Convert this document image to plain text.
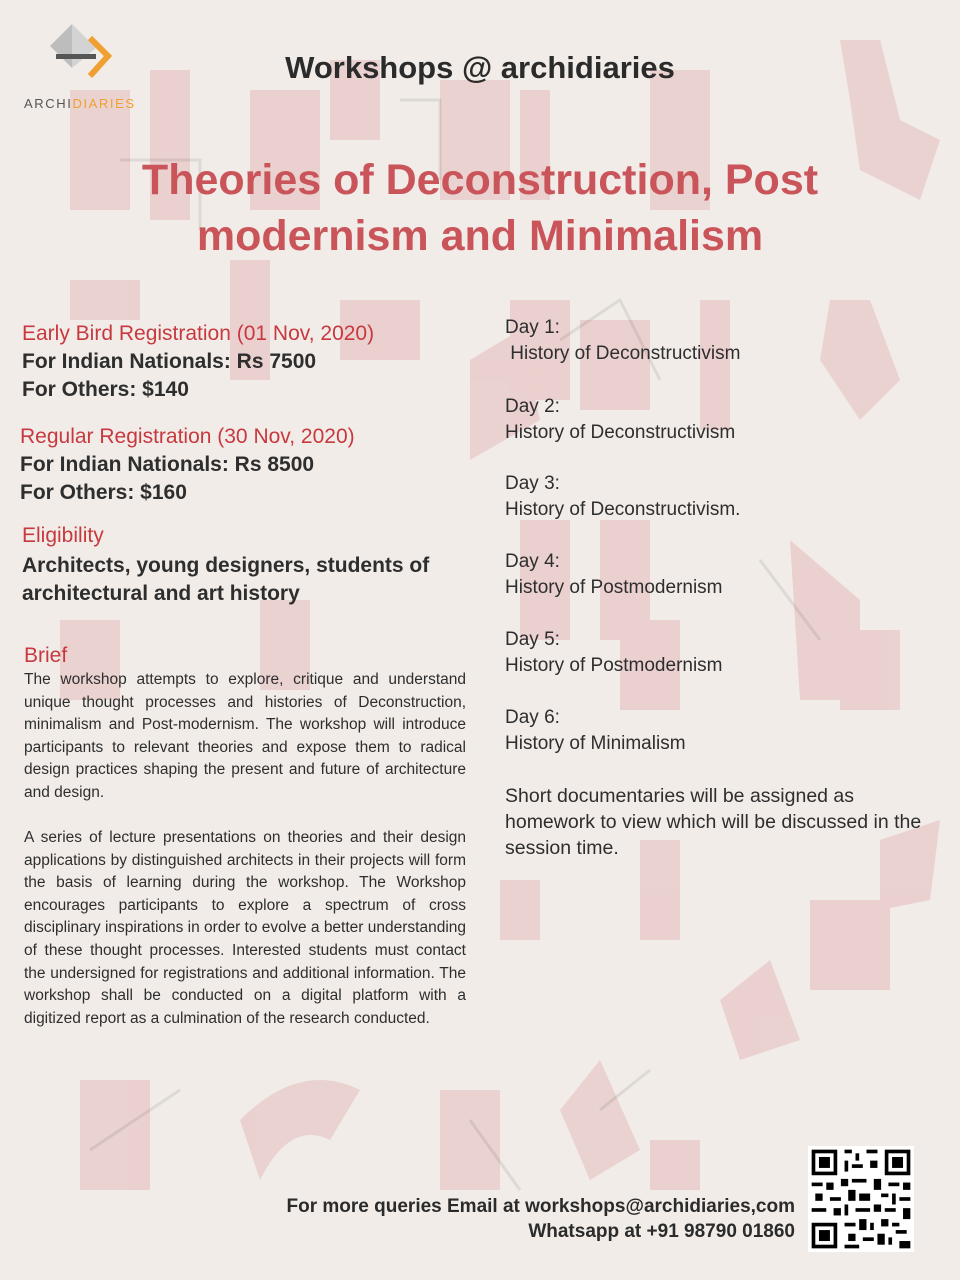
ARCHIDIARIES
Workshops @ archidiaries
Theories of Deconstruction, Post
modernism and Minimalism
Early Bird Registration (01 Nov, 2020)
For Indian Nationals: Rs 7500
For Others: $140
Regular Registration (30 Nov, 2020)
For Indian Nationals: Rs 8500
For Others: $160
Eligibility
Architects, young designers, students of architectural and art history
Brief
The workshop attempts to explore, critique and understand unique thought processes and histories of Deconstruction, minimalism and Post-modernism. The workshop will introduce participants to relevant theories and expose them to radical design practices shaping the present and future of architecture and design.
A series of lecture presentations on theories and their design applications by distinguished architects in their projects will form the basis of learning during the workshop. The Workshop encourages participants to explore a spectrum of cross disciplinary inspirations in order to evolve a better understanding of these thought processes. Interested students must contact the undersigned for registrations and additional information. The workshop shall be conducted on a digital platform with a digitized report as a culmination of the research conducted.
Day 1:
History of Deconstructivism
Day 2:
History of Deconstructivism
Day 3:
History of Deconstructivism.
Day 4:
History of Postmodernism
Day 5:
History of Postmodernism
Day 6:
History of Minimalism
Short documentaries will be assigned as homework to view which will be discussed in the session time.
For more queries Email at workshops@archidiaries,com
Whatsapp at +91 98790 01860
